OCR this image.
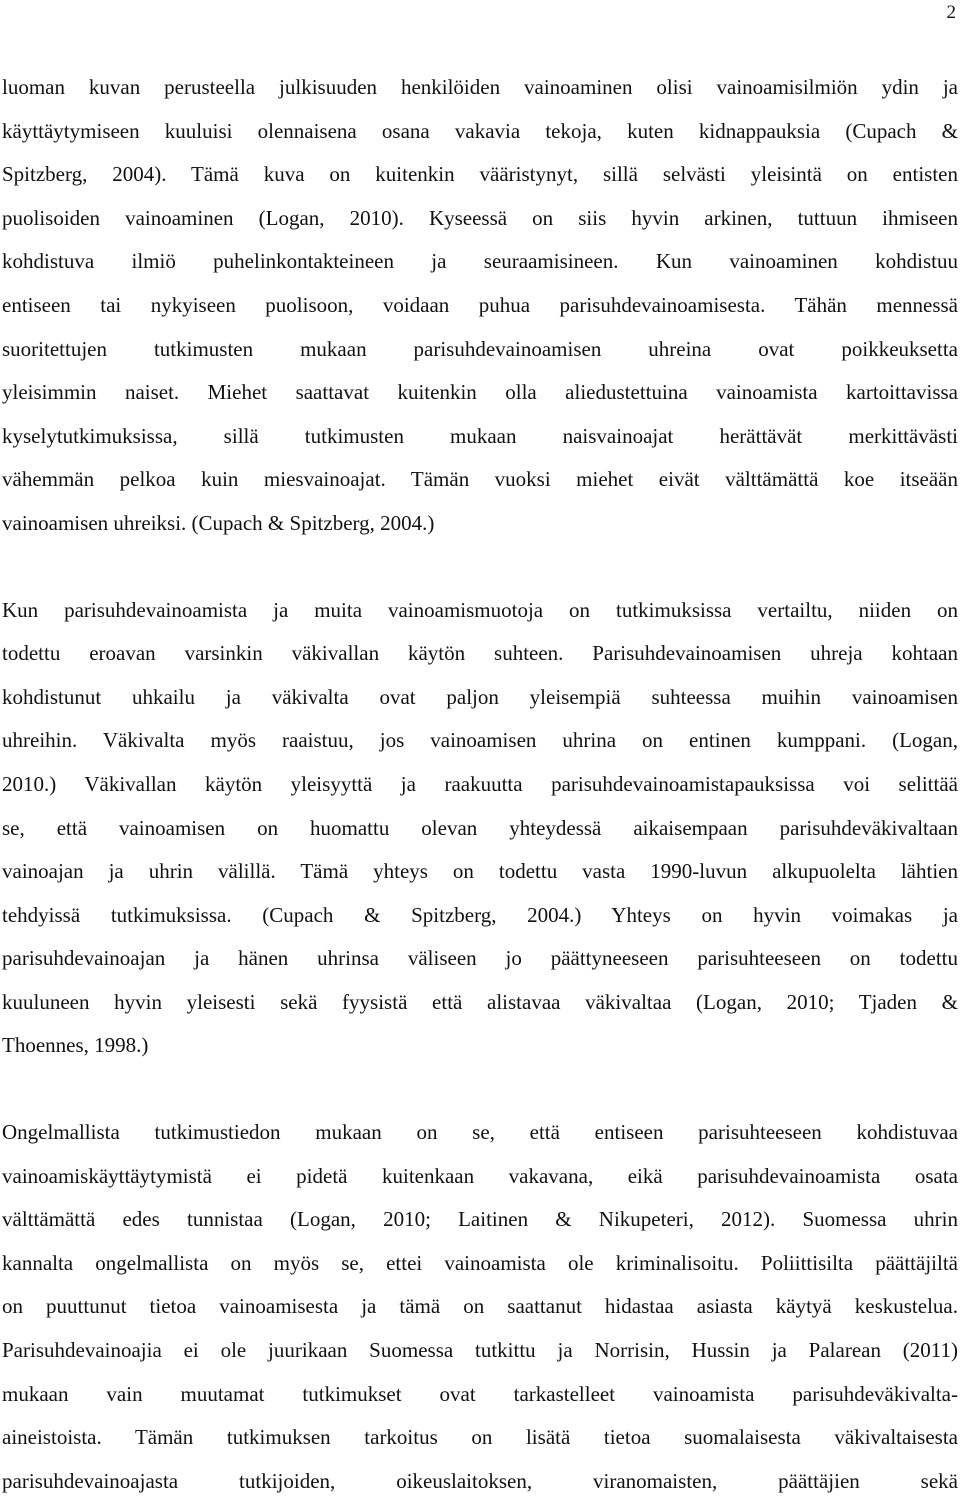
2

luoman kuvan perusteella julkisuuden henkilöiden vainoaminen olisi vainoamisilmiön ydin ja
käyttäytymiseen kuuluisi olennaisena osana vakavia tekoja, kuten kidnappauksia (Cupach &
Spitzberg, 2004). Tämä kuva on kuitenkin vääristynyt, sillä selvästi yleisintä on entisten
puolisoiden vainoaminen (Logan, 2010). Kyseessä on siis hyvin arkinen, tuttuun ihmiseen
kohdistuva ilmiö puhelinkontakteineen ja seuraamisineen. Kun vainoaminen kohdistuu
entiseen tai nykyiseen puolisoon, voidaan puhua parisuhdevainoamisesta. Tähän mennessä
suoritettujen tutkimusten mukaan parisuhdevainoamisen uhreina ovat poikkeuksetta
yleisimmin naiset. Miehet saattavat kuitenkin olla aliedustettuina vainoamista kartoittavissa
kyselytutkimuksissa, sillä tutkimusten mukaan naisvainoajat herättävät merkittävästi
vähemmän pelkoa kuin miesvainoajat. Tämän vuoksi miehet eivät välttämättä koe itseään
vainoamisen uhreiksi. (Cupach & Spitzberg, 2004.)

Kun parisuhdevainoamista ja muita vainoamismuotoja on tutkimuksissa vertailtu, niiden on
todettu eroavan varsinkin väkivallan käytön suhteen. Parisuhdevainoamisen uhreja kohtaan
kohdistunut uhkailu ja väkivalta ovat paljon yleisempiä suhteessa muihin vainoamisen
uhreihin. Väkivalta myös raaistuu, jos vainoamisen uhrina on entinen kumppani. (Logan,
2010.) Väkivallan käytön yleisyyttä ja raakuutta parisuhdevainoamistapauksissa voi selittää
se, että vainoamisen on huomattu olevan yhteydessä aikaisempaan parisuhdeväkivaltaan
vainoajan ja uhrin välillä. Tämä yhteys on todettu vasta 1990-luvun alkupuolelta lähtien
tehdyissä tutkimuksissa. (Cupach & Spitzberg, 2004.) Yhteys on hyvin voimakas ja
parisuhdevainoajan ja hänen uhrinsa väliseen jo päättyneeseen parisuhteeseen on todettu
kuuluneen hyvin yleisesti sekä fyysistä että alistavaa väkivaltaa (Logan, 2010; Tjaden &
Thoennes, 1998.)

Ongelmallista tutkimustiedon mukaan on se, että entiseen parisuhteeseen kohdistuvaa
vainoamiskäyttäytymistä ei pidetä kuitenkaan vakavana, eikä parisuhdevainoamista osata
välttämättä edes tunnistaa (Logan, 2010; Laitinen & Nikupeteri, 2012). Suomessa uhrin
kannalta ongelmallista on myös se, ettei vainoamista ole kriminalisoitu. Poliittisilta päättäjiltä
on puuttunut tietoa vainoamisesta ja tämä on saattanut hidastaa asiasta käytyä keskustelua.
Parisuhdevainoajia ei ole juurikaan Suomessa tutkittu ja Norrisin, Hussin ja Palarean (2011)
mukaan vain muutamat tutkimukset ovat tarkastelleet vainoamista parisuhdeväkivalta-
aineistoista. Tämän tutkimuksen tarkoitus on lisätä tietoa suomalaisesta väkivaltaisesta
parisuhdevainoajasta tutkijoiden, oikeuslaitoksen, viranomaisten, päättäjien sekä
